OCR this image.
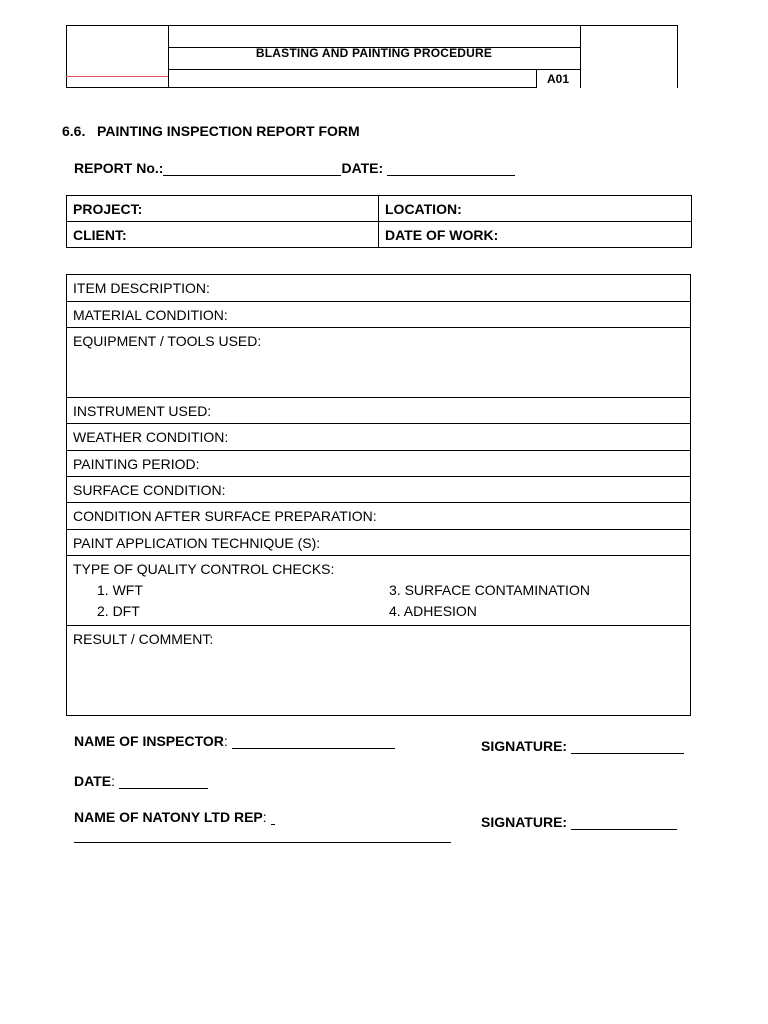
BLASTING AND PAINTING PROCEDURE
A01
6.6. PAINTING INSPECTION REPORT FORM
REPORT No.:	DATE:
PROJECT:	LOCATION:
CLIENT:	DATE OF WORK:
ITEM DESCRIPTION:
MATERIAL CONDITION:
EQUIPMENT / TOOLS USED:
INSTRUMENT USED:
WEATHER CONDITION:
PAINTING PERIOD:
SURFACE CONDITION:
CONDITION AFTER SURFACE PREPARATION:
PAINT APPLICATION TECHNIQUE (S):
TYPE OF QUALITY CONTROL CHECKS:
1. WFT
2. DFT
3. SURFACE CONTAMINATION
4. ADHESION
RESULT / COMMENT:
NAME OF INSPECTOR:	SIGNATURE:
DATE:
NAME OF NATONY LTD REP:	SIGNATURE:
